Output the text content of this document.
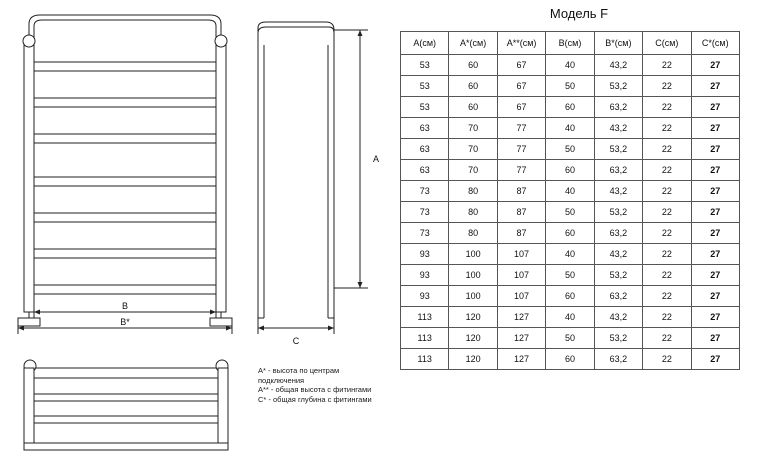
B
B*
C
A
А* - высота по центрам подключения
А** - общая высота с фитингами
С* - общая глубина с фитингами
Модель F
A(см)	A*(см)	A**(см)	B(см)	B*(см)	C(см)	C*(см)
53	60	67	40	43,2	22	27
53	60	67	50	53,2	22	27
53	60	67	60	63,2	22	27
63	70	77	40	43,2	22	27
63	70	77	50	53,2	22	27
63	70	77	60	63,2	22	27
73	80	87	40	43,2	22	27
73	80	87	50	53,2	22	27
73	80	87	60	63,2	22	27
93	100	107	40	43,2	22	27
93	100	107	50	53,2	22	27
93	100	107	60	63,2	22	27
113	120	127	40	43,2	22	27
113	120	127	50	53,2	22	27
113	120	127	60	63,2	22	27
